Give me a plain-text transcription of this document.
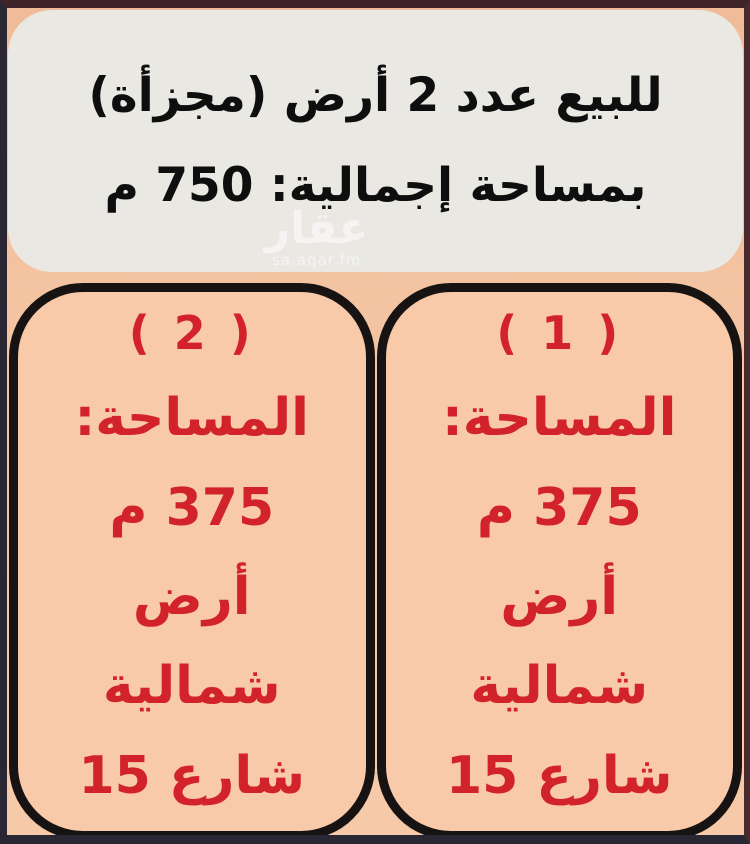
للبيع عدد 2 أرض (مجزأة)
بمساحة إجمالية: 750 م
عقار
sa.aqar.fm
( 1 )
المساحة:
375 م
أرض
شمالية
شارع 15
( 2 )
المساحة:
375 م
أرض
شمالية
شارع 15
